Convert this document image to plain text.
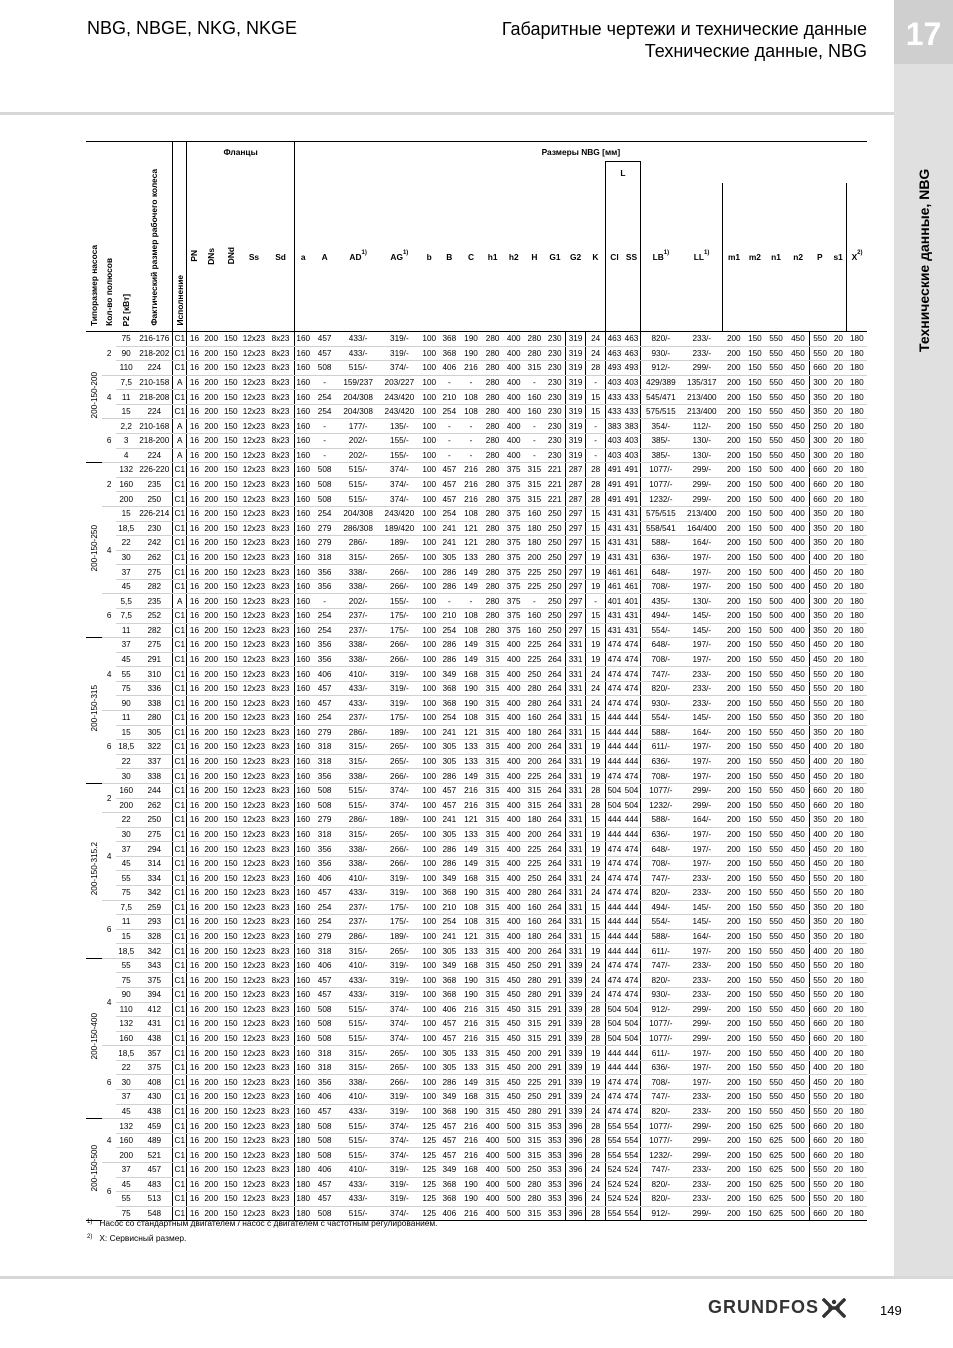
17
Технические данные, NBG
NBG, NBGE, NKG, NKGE	Габаритные чертежи и технические данные
Технические данные, NBG
Типоразмер насоса	Кол-во полюсов	P2 [кВт]	Фактический размер рабочего колеса	Исполнение	Фланцы					Размеры NBG [мм]																							
																							L										
					PN	DNs	DNd	Ss	Sd	a	A	AD$^{1)}$	AG$^{1)}$	b	B	C	h1	h2	H	G1	G2	K	Cl	SS	LB$^{1)}$	LL$^{1)}$	m1	m2	n1	n2	P	s1	$X^{2)}$
200-150-200	2	75	216-176	C1	16	200	150	12x23	8x23	160	457	433/-	319/-	100	368	190	280	400	280	230	319	24	463	463	820/-	233/-	200	150	550	450	550	20	180
		90	218-202	C1	16	200	150	12x23	8x23	160	457	433/-	319/-	100	368	190	280	400	280	230	319	24	463	463	930/-	233/-	200	150	550	450	550	20	180
		110	224	C1	16	200	150	12x23	8x23	160	508	515/-	374/-	100	406	216	280	400	315	230	319	28	493	493	912/-	299/-	200	150	550	450	660	20	180
	4	7,5	210-158	A	16	200	150	12x23	8x23	160	-	159/237	203/227	100	-	-	280	400	-	230	319	-	403	403	429/389	135/317	200	150	550	450	300	20	180
		11	218-208	C1	16	200	150	12x23	8x23	160	254	204/308	243/420	100	210	108	280	400	160	230	319	15	433	433	545/471	213/400	200	150	550	450	350	20	180
		15	224	C1	16	200	150	12x23	8x23	160	254	204/308	243/420	100	254	108	280	400	160	230	319	15	433	433	575/515	213/400	200	150	550	450	350	20	180
	6	2,2	210-168	A	16	200	150	12x23	8x23	160	-	177/-	135/-	100	-	-	280	400	-	230	319	-	383	383	354/-	112/-	200	150	550	450	250	20	180
		3	218-200	A	16	200	150	12x23	8x23	160	-	202/-	155/-	100	-	-	280	400	-	230	319	-	403	403	385/-	130/-	200	150	550	450	300	20	180
		4	224	A	16	200	150	12x23	8x23	160	-	202/-	155/-	100	-	-	280	400	-	230	319	-	403	403	385/-	130/-	200	150	550	450	300	20	180
200-150-250	2	132	226-220	C1	16	200	150	12x23	8x23	160	508	515/-	374/-	100	457	216	280	375	315	221	287	28	491	491	1077/-	299/-	200	150	500	400	660	20	180
		160	235	C1	16	200	150	12x23	8x23	160	508	515/-	374/-	100	457	216	280	375	315	221	287	28	491	491	1077/-	299/-	200	150	500	400	660	20	180
		200	250	C1	16	200	150	12x23	8x23	160	508	515/-	374/-	100	457	216	280	375	315	221	287	28	491	491	1232/-	299/-	200	150	500	400	660	20	180
	4	15	226-214	C1	16	200	150	12x23	8x23	160	254	204/308	243/420	100	254	108	280	375	160	250	297	15	431	431	575/515	213/400	200	150	500	400	350	20	180
		18,5	230	C1	16	200	150	12x23	8x23	160	279	286/308	189/420	100	241	121	280	375	180	250	297	15	431	431	558/541	164/400	200	150	500	400	350	20	180
		22	242	C1	16	200	150	12x23	8x23	160	279	286/-	189/-	100	241	121	280	375	180	250	297	15	431	431	588/-	164/-	200	150	500	400	350	20	180
		30	262	C1	16	200	150	12x23	8x23	160	318	315/-	265/-	100	305	133	280	375	200	250	297	19	431	431	636/-	197/-	200	150	500	400	400	20	180
		37	275	C1	16	200	150	12x23	8x23	160	356	338/-	266/-	100	286	149	280	375	225	250	297	19	461	461	648/-	197/-	200	150	500	400	450	20	180
		45	282	C1	16	200	150	12x23	8x23	160	356	338/-	266/-	100	286	149	280	375	225	250	297	19	461	461	708/-	197/-	200	150	500	400	450	20	180
	6	5,5	235	A	16	200	150	12x23	8x23	160	-	202/-	155/-	100	-	-	280	375	-	250	297	-	401	401	435/-	130/-	200	150	500	400	300	20	180
		7,5	252	C1	16	200	150	12x23	8x23	160	254	237/-	175/-	100	210	108	280	375	160	250	297	15	431	431	494/-	145/-	200	150	500	400	350	20	180
		11	282	C1	16	200	150	12x23	8x23	160	254	237/-	175/-	100	254	108	280	375	160	250	297	15	431	431	554/-	145/-	200	150	500	400	350	20	180
200-150-315	4	37	275	C1	16	200	150	12x23	8x23	160	356	338/-	266/-	100	286	149	315	400	225	264	331	19	474	474	648/-	197/-	200	150	550	450	450	20	180
		45	291	C1	16	200	150	12x23	8x23	160	356	338/-	266/-	100	286	149	315	400	225	264	331	19	474	474	708/-	197/-	200	150	550	450	450	20	180
		55	310	C1	16	200	150	12x23	8x23	160	406	410/-	319/-	100	349	168	315	400	250	264	331	24	474	474	747/-	233/-	200	150	550	450	550	20	180
		75	336	C1	16	200	150	12x23	8x23	160	457	433/-	319/-	100	368	190	315	400	280	264	331	24	474	474	820/-	233/-	200	150	550	450	550	20	180
		90	338	C1	16	200	150	12x23	8x23	160	457	433/-	319/-	100	368	190	315	400	280	264	331	24	474	474	930/-	233/-	200	150	550	450	550	20	180
	6	11	280	C1	16	200	150	12x23	8x23	160	254	237/-	175/-	100	254	108	315	400	160	264	331	15	444	444	554/-	145/-	200	150	550	450	350	20	180
		15	305	C1	16	200	150	12x23	8x23	160	279	286/-	189/-	100	241	121	315	400	180	264	331	15	444	444	588/-	164/-	200	150	550	450	350	20	180
		18,5	322	C1	16	200	150	12x23	8x23	160	318	315/-	265/-	100	305	133	315	400	200	264	331	19	444	444	611/-	197/-	200	150	550	450	400	20	180
		22	337	C1	16	200	150	12x23	8x23	160	318	315/-	265/-	100	305	133	315	400	200	264	331	19	444	444	636/-	197/-	200	150	550	450	400	20	180
		30	338	C1	16	200	150	12x23	8x23	160	356	338/-	266/-	100	286	149	315	400	225	264	331	19	474	474	708/-	197/-	200	150	550	450	450	20	180
200-150-315.2	2	160	244	C1	16	200	150	12x23	8x23	160	508	515/-	374/-	100	457	216	315	400	315	264	331	28	504	504	1077/-	299/-	200	150	550	450	660	20	180
		200	262	C1	16	200	150	12x23	8x23	160	508	515/-	374/-	100	457	216	315	400	315	264	331	28	504	504	1232/-	299/-	200	150	550	450	660	20	180
	4	22	250	C1	16	200	150	12x23	8x23	160	279	286/-	189/-	100	241	121	315	400	180	264	331	15	444	444	588/-	164/-	200	150	550	450	350	20	180
		30	275	C1	16	200	150	12x23	8x23	160	318	315/-	265/-	100	305	133	315	400	200	264	331	19	444	444	636/-	197/-	200	150	550	450	400	20	180
		37	294	C1	16	200	150	12x23	8x23	160	356	338/-	266/-	100	286	149	315	400	225	264	331	19	474	474	648/-	197/-	200	150	550	450	450	20	180
		45	314	C1	16	200	150	12x23	8x23	160	356	338/-	266/-	100	286	149	315	400	225	264	331	19	474	474	708/-	197/-	200	150	550	450	450	20	180
		55	334	C1	16	200	150	12x23	8x23	160	406	410/-	319/-	100	349	168	315	400	250	264	331	24	474	474	747/-	233/-	200	150	550	450	550	20	180
		75	342	C1	16	200	150	12x23	8x23	160	457	433/-	319/-	100	368	190	315	400	280	264	331	24	474	474	820/-	233/-	200	150	550	450	550	20	180
	6	7,5	259	C1	16	200	150	12x23	8x23	160	254	237/-	175/-	100	210	108	315	400	160	264	331	15	444	444	494/-	145/-	200	150	550	450	350	20	180
		11	293	C1	16	200	150	12x23	8x23	160	254	237/-	175/-	100	254	108	315	400	160	264	331	15	444	444	554/-	145/-	200	150	550	450	350	20	180
		15	328	C1	16	200	150	12x23	8x23	160	279	286/-	189/-	100	241	121	315	400	180	264	331	15	444	444	588/-	164/-	200	150	550	450	350	20	180
		18,5	342	C1	16	200	150	12x23	8x23	160	318	315/-	265/-	100	305	133	315	400	200	264	331	19	444	444	611/-	197/-	200	150	550	450	400	20	180
200-150-400	4	55	343	C1	16	200	150	12x23	8x23	160	406	410/-	319/-	100	349	168	315	450	250	291	339	24	474	474	747/-	233/-	200	150	550	450	550	20	180
		75	375	C1	16	200	150	12x23	8x23	160	457	433/-	319/-	100	368	190	315	450	280	291	339	24	474	474	820/-	233/-	200	150	550	450	550	20	180
		90	394	C1	16	200	150	12x23	8x23	160	457	433/-	319/-	100	368	190	315	450	280	291	339	24	474	474	930/-	233/-	200	150	550	450	550	20	180
		110	412	C1	16	200	150	12x23	8x23	160	508	515/-	374/-	100	406	216	315	450	315	291	339	28	504	504	912/-	299/-	200	150	550	450	660	20	180
		132	431	C1	16	200	150	12x23	8x23	160	508	515/-	374/-	100	457	216	315	450	315	291	339	28	504	504	1077/-	299/-	200	150	550	450	660	20	180
		160	438	C1	16	200	150	12x23	8x23	160	508	515/-	374/-	100	457	216	315	450	315	291	339	28	504	504	1077/-	299/-	200	150	550	450	660	20	180
	6	18,5	357	C1	16	200	150	12x23	8x23	160	318	315/-	265/-	100	305	133	315	450	200	291	339	19	444	444	611/-	197/-	200	150	550	450	400	20	180
		22	375	C1	16	200	150	12x23	8x23	160	318	315/-	265/-	100	305	133	315	450	200	291	339	19	444	444	636/-	197/-	200	150	550	450	400	20	180
		30	408	C1	16	200	150	12x23	8x23	160	356	338/-	266/-	100	286	149	315	450	225	291	339	19	474	474	708/-	197/-	200	150	550	450	450	20	180
		37	430	C1	16	200	150	12x23	8x23	160	406	410/-	319/-	100	349	168	315	450	250	291	339	24	474	474	747/-	233/-	200	150	550	450	550	20	180
		45	438	C1	16	200	150	12x23	8x23	160	457	433/-	319/-	100	368	190	315	450	280	291	339	24	474	474	820/-	233/-	200	150	550	450	550	20	180
200-150-500	4	132	459	C1	16	200	150	12x23	8x23	180	508	515/-	374/-	125	457	216	400	500	315	353	396	28	554	554	1077/-	299/-	200	150	625	500	660	20	180
		160	489	C1	16	200	150	12x23	8x23	180	508	515/-	374/-	125	457	216	400	500	315	353	396	28	554	554	1077/-	299/-	200	150	625	500	660	20	180
		200	521	C1	16	200	150	12x23	8x23	180	508	515/-	374/-	125	457	216	400	500	315	353	396	28	554	554	1232/-	299/-	200	150	625	500	660	20	180
	6	37	457	C1	16	200	150	12x23	8x23	180	406	410/-	319/-	125	349	168	400	500	250	353	396	24	524	524	747/-	233/-	200	150	625	500	550	20	180
		45	483	C1	16	200	150	12x23	8x23	180	457	433/-	319/-	125	368	190	400	500	280	353	396	24	524	524	820/-	233/-	200	150	625	500	550	20	180
		55	513	C1	16	200	150	12x23	8x23	180	457	433/-	319/-	125	368	190	400	500	280	353	396	24	524	524	820/-	233/-	200	150	625	500	550	20	180
		75	548	C1	16	200	150	12x23	8x23	180	508	515/-	374/-	125	406	216	400	500	315	353	396	28	554	554	912/-	299/-	200	150	625	500	660	20	180
$^{1)}$ Насос со стандартным двигателем / насос с двигателем с частотным регулированием.
$^{2)}$ X: Сервисный размер.
GRUNDFOS	149
